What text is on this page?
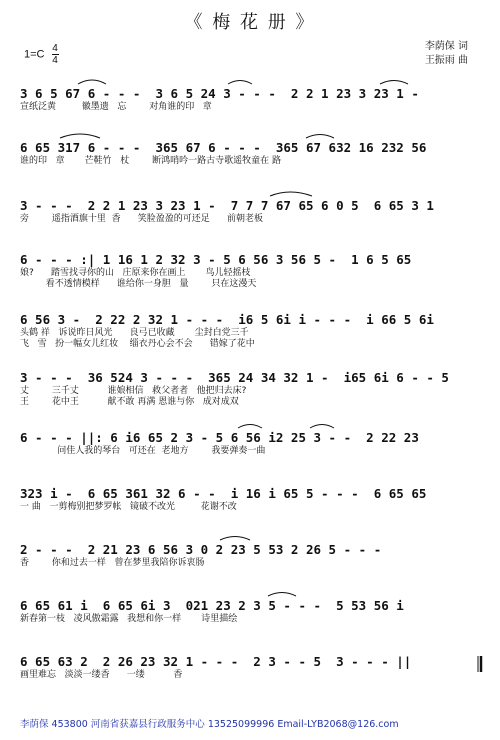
《 梅 花 册 》
$1=C \frac{4}{4}$	李荫保 词
王振雨 曲
3 6 5 67 6 - - -  3 6 5 24 3 - - -  2 2 1 23 3 23 1 -
宣纸泛黄         徽墨遗   忘        对角谁的印   章
6 65 317 6 - - -  365 67 6 - - -  365 67 632 16 232 56
谁的印   章       芒鞋竹   杖        断鸿哨吟一路古寺歌遥牧童在 路
3 - - -  2 2 1 23 3 23 1 -  7 7 7 67 65 6 0 5  6 65 3 1
旁        遥指酒旗十里  香      笑脸盈盈的可还足      前朝老板
6 - - - :| 1 16 1 2 32 3 - 5 6 56 3 56 5 -  1 6 5 65
娘?      踏雪找寻你的山   庄原来你在画上       鸟儿轻摇枝
看不透情模样      谁给你一身胆   量        只在这漫天
6 56 3 -  2 22 2 32 1 - - -  i6 5 6i i - - -  i 66 5 6i
头鹤 祥   诉说昨日风光      良弓已收藏       尘封白党三千
飞   雪   扮一幅女儿红妆    缁衣丹心会不会      错嫁了花中
3 - - -  36 524 3 - - -  365 24 34 32 1 -  i65 6i 6 - - 5
丈        三千丈          谁娘相信   救父者者   他把归去床?
王        花中王          献不敢 再满 恩谁与你   成对成双
6 - - - ||: 6 i6 65 2 3 - 5 6 56 i2 25 3 - -  2 22 23
问佳人我的琴台   可还在  老地方        我要弹奏一曲
323 i -  6 65 361 32 6 - -  i 16 i 65 5 - - -  6 65 65
一 曲   一剪梅别把梦罗帐   镜破不改光         花谢不改
2 - - -  2 21 23 6 56 3 0 2 23 5 53 2 26 5 - - -
香        你和过去一样   曾在梦里我陪你诉衷肠
6 65 61 i  6 65 6i 3  021 23 2 3 5 - - -  5 53 56 i
新春第一枝   凌风傲霜露   我想和你一样       诗里描绘
6 65 63 2  2 26 23 32 1 - - -  2 3 - - 5  3 - - - ||
画里难忘   淡淡一缕香      一缕          香
李荫保 453800 河南省获嘉县行政服务中心 13525099996 Email-LYB2068@126.com
